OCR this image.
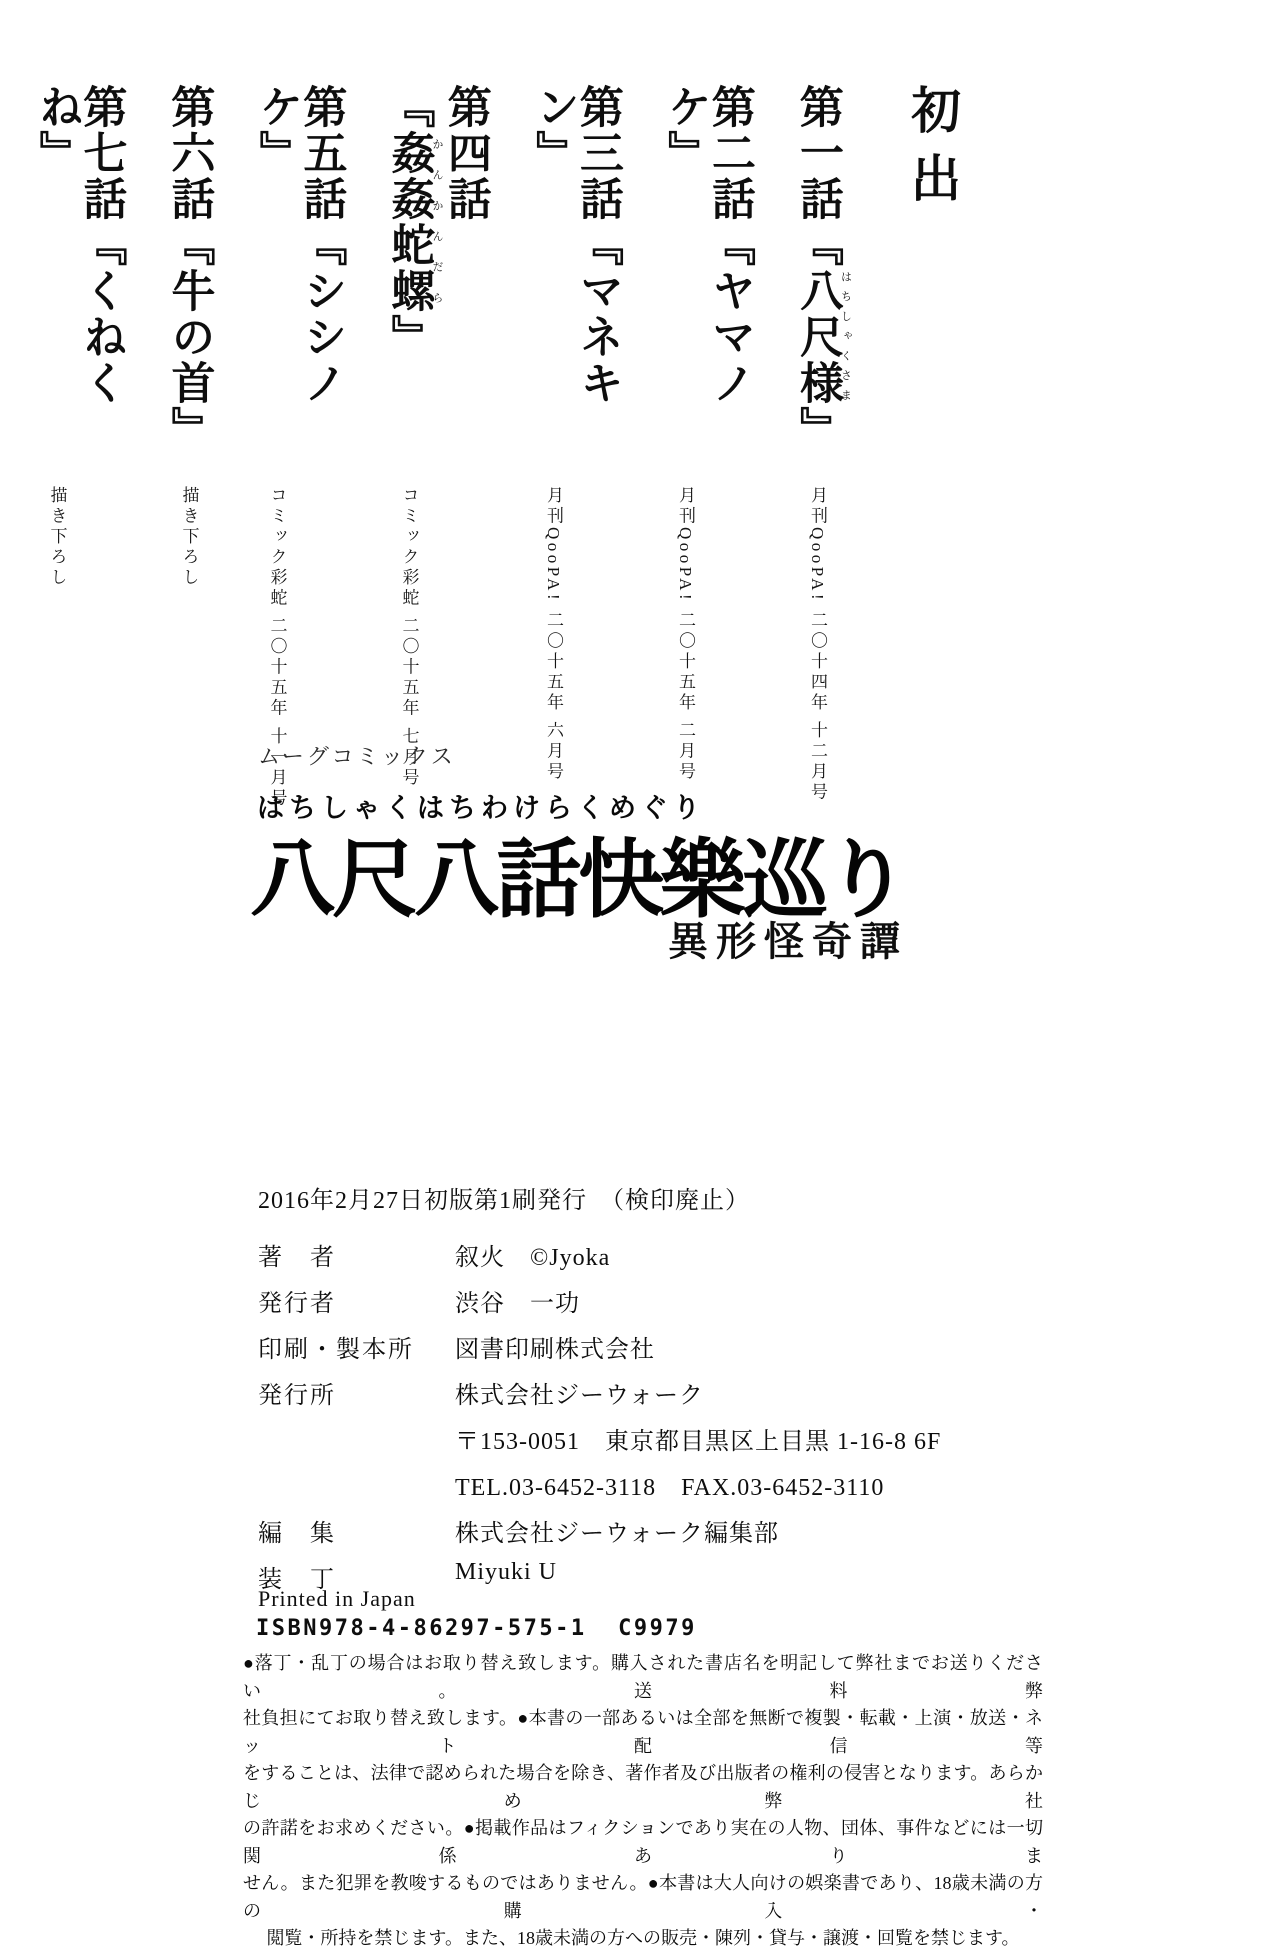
初出
第一話『八尺様はちしゃくさま』月刊QooPA! 二〇十四年 十二月号
第二話『ヤマノケ』月刊QooPA! 二〇十五年 二月号
第三話『マネキン』月刊QooPA! 二〇十五年 六月号
第四話『姦姦蛇螺かんかんだら』コミック彩蛇 二〇十五年 七月号
第五話『シシノケ』コミック彩蛇 二〇十五年 十一月号
第六話『牛の首』描き下ろし
第七話『くねくね』描き下ろし
ムーグコミックス
はちしゃくはちわけらくめぐり
八尺八話快樂巡り
異形怪奇譚
2016年2月27日初版第1刷発行　（検印廃止）
著　者	叙火　©Jyoka
発行者	渋谷　一功
印刷・製本所	図書印刷株式会社
発行所	株式会社ジーウォーク
〒153-0051　東京都目黒区上目黒 1-16-8 6F
TEL.03-6452-3118　FAX.03-6452-3110
編　集	株式会社ジーウォーク編集部
装　丁	Miyuki U
Printed in Japan
ISBN978-4-86297-575-1  C9979
●落丁・乱丁の場合はお取り替え致します。購入された書店名を明記して弊社までお送りください。送料弊
社負担にてお取り替え致します。●本書の一部あるいは全部を無断で複製・転載・上演・放送・ネット配信等
をすることは、法律で認められた場合を除き、著作者及び出版者の権利の侵害となります。あらかじめ弊社
の許諾をお求めください。●掲載作品はフィクションであり実在の人物、団体、事件などには一切関係ありま
せん。また犯罪を教唆するものではありません。●本書は大人向けの娯楽書であり、18歳未満の方の購入・
閲覧・所持を禁じます。また、18歳未満の方への販売・陳列・貸与・譲渡・回覧を禁じます。
